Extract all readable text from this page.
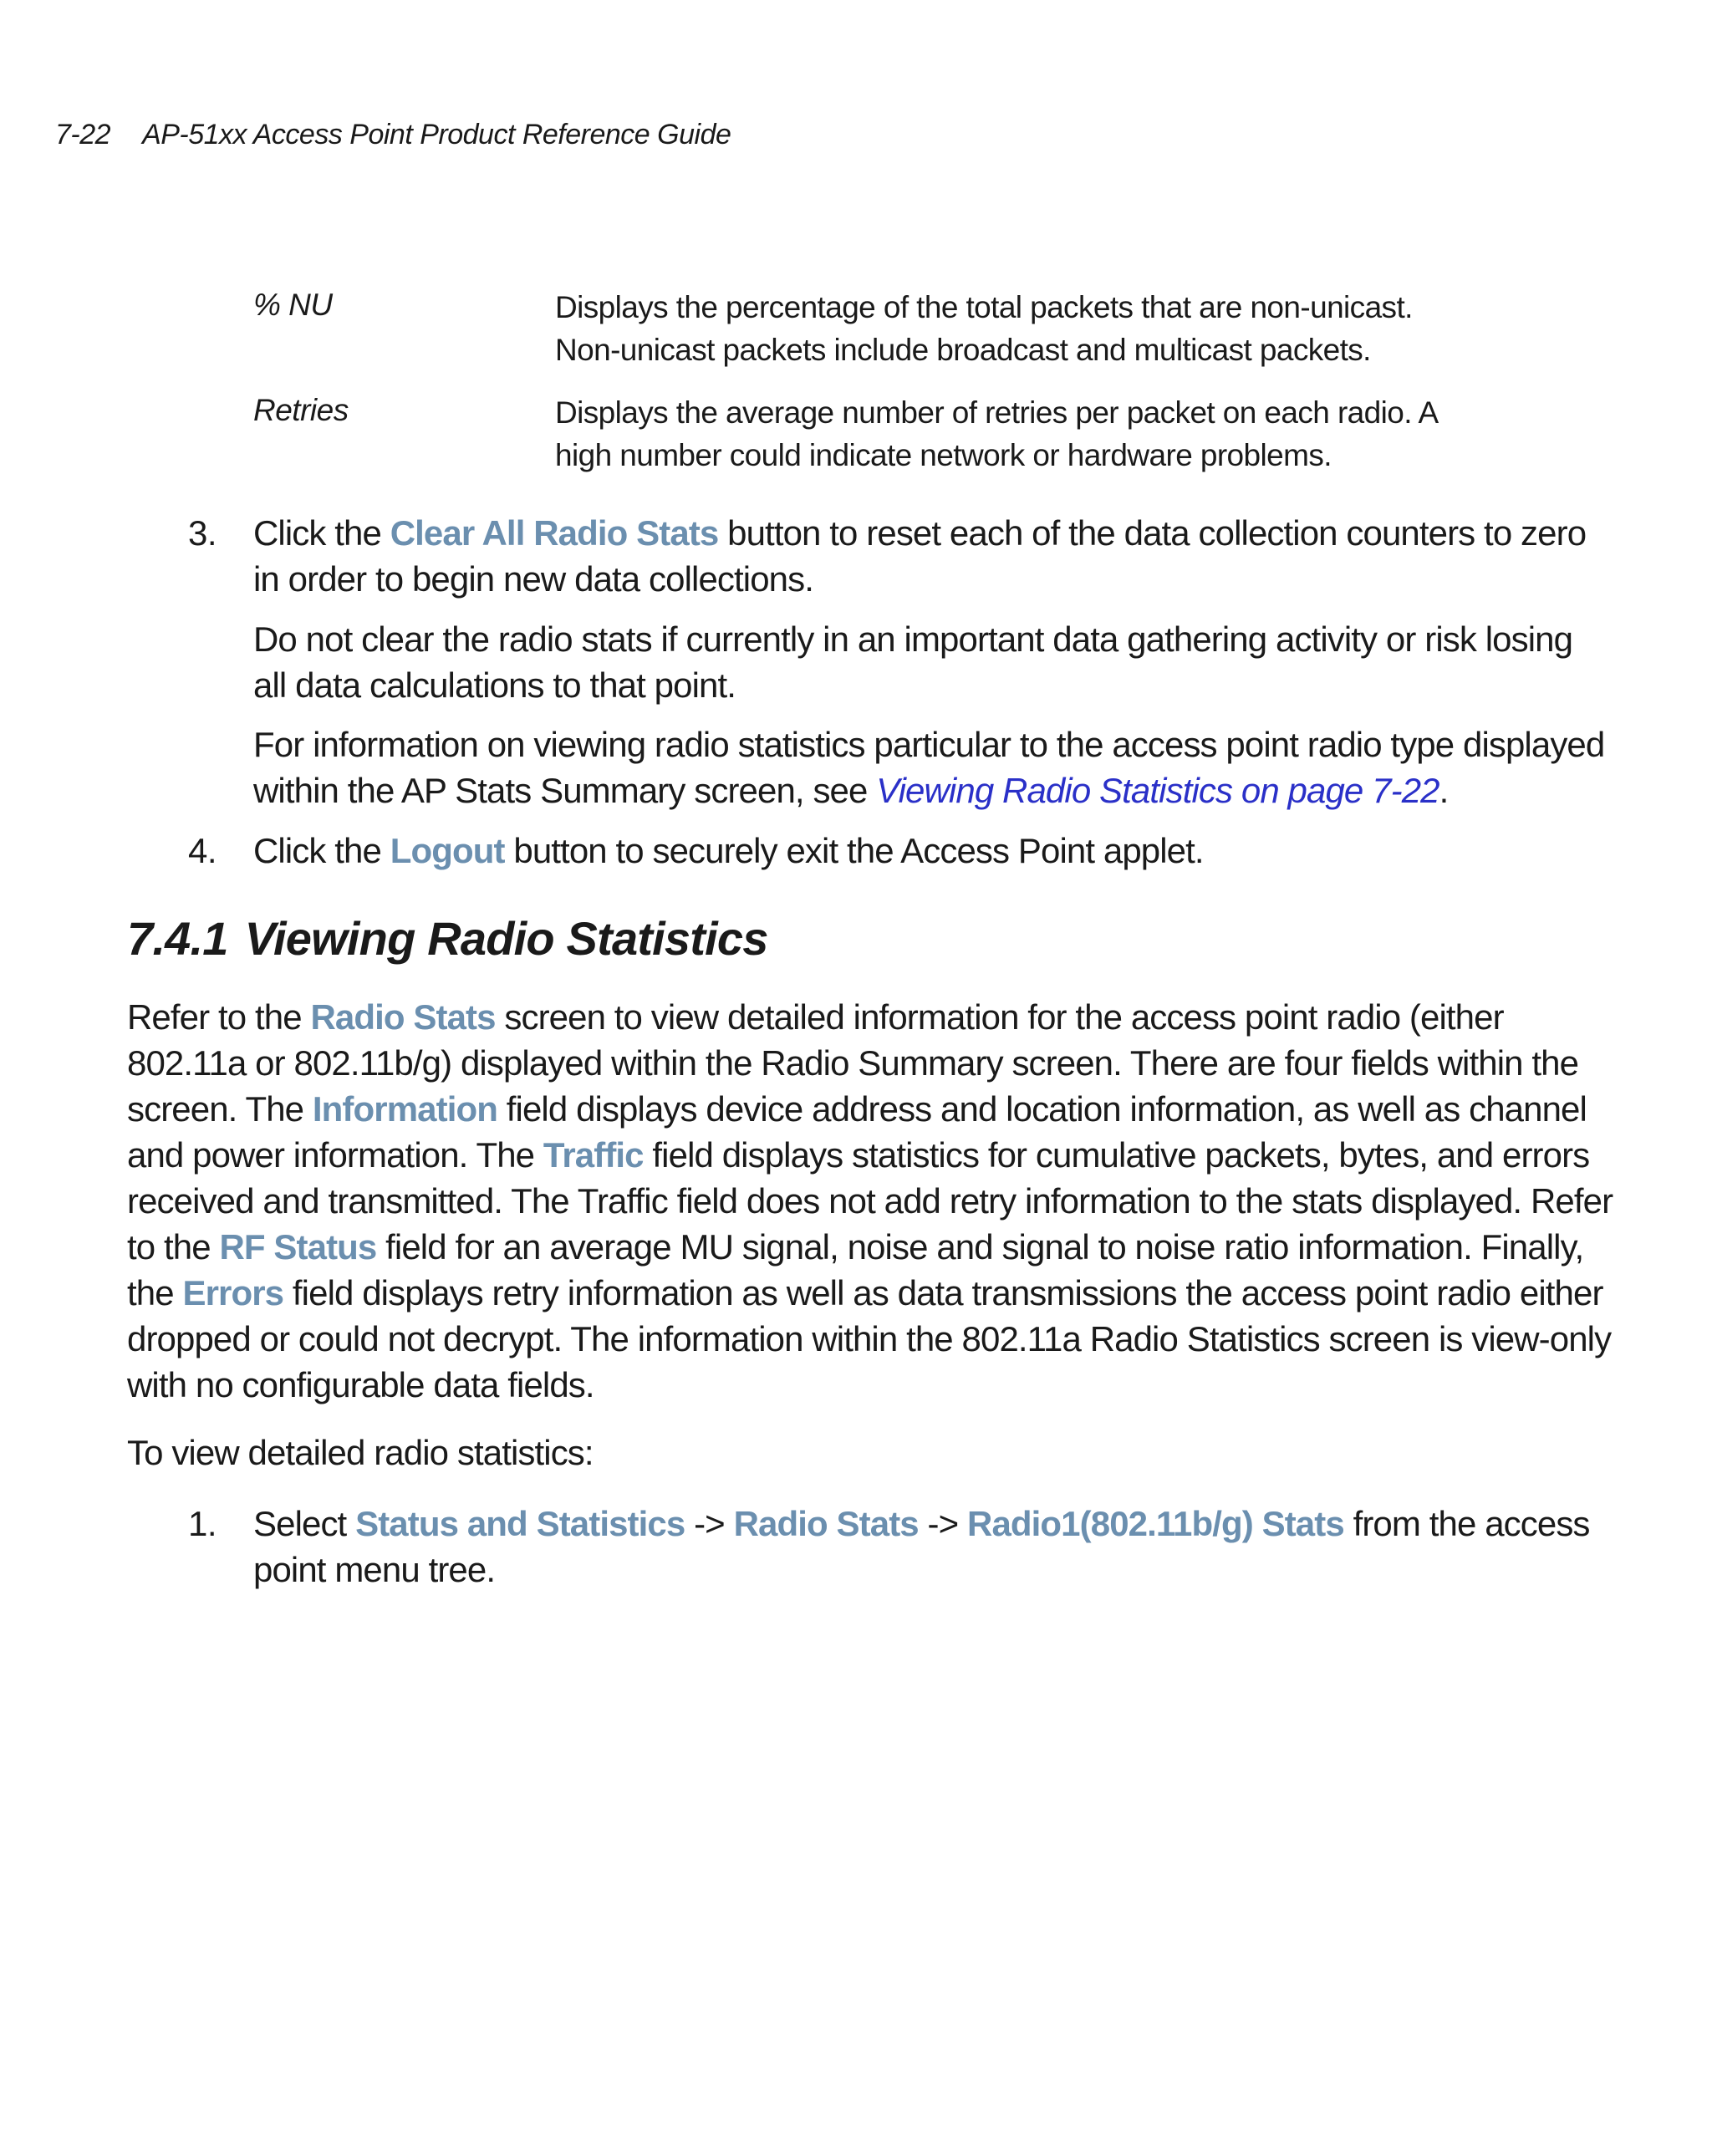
7-22 AP-51xx Access Point Product Reference Guide
% NU	Displays the percentage of the total packets that are non-unicast.
Non-unicast packets include broadcast and multicast packets.
Retries	Displays the average number of retries per packet on each radio. A
high number could indicate network or hardware problems.
3. Click the Clear All Radio Stats button to reset each of the data collection counters to zero
in order to begin new data collections.
Do not clear the radio stats if currently in an important data gathering activity or risk losing
all data calculations to that point.
For information on viewing radio statistics particular to the access point radio type displayed
within the AP Stats Summary screen, see Viewing Radio Statistics on page 7-22.
4. Click the Logout button to securely exit the Access Point applet.
7.4.1 Viewing Radio Statistics
Refer to the Radio Stats screen to view detailed information for the access point radio (either
802.11a or 802.11b/g) displayed within the Radio Summary screen. There are four fields within the
screen. The Information field displays device address and location information, as well as channel
and power information. The Traffic field displays statistics for cumulative packets, bytes, and errors
received and transmitted. The Traffic field does not add retry information to the stats displayed. Refer
to the RF Status field for an average MU signal, noise and signal to noise ratio information. Finally,
the Errors field displays retry information as well as data transmissions the access point radio either
dropped or could not decrypt. The information within the 802.11a Radio Statistics screen is view-only
with no configurable data fields.
To view detailed radio statistics:
1. Select Status and Statistics -> Radio Stats -> Radio1(802.11b/g) Stats from the access
point menu tree.
